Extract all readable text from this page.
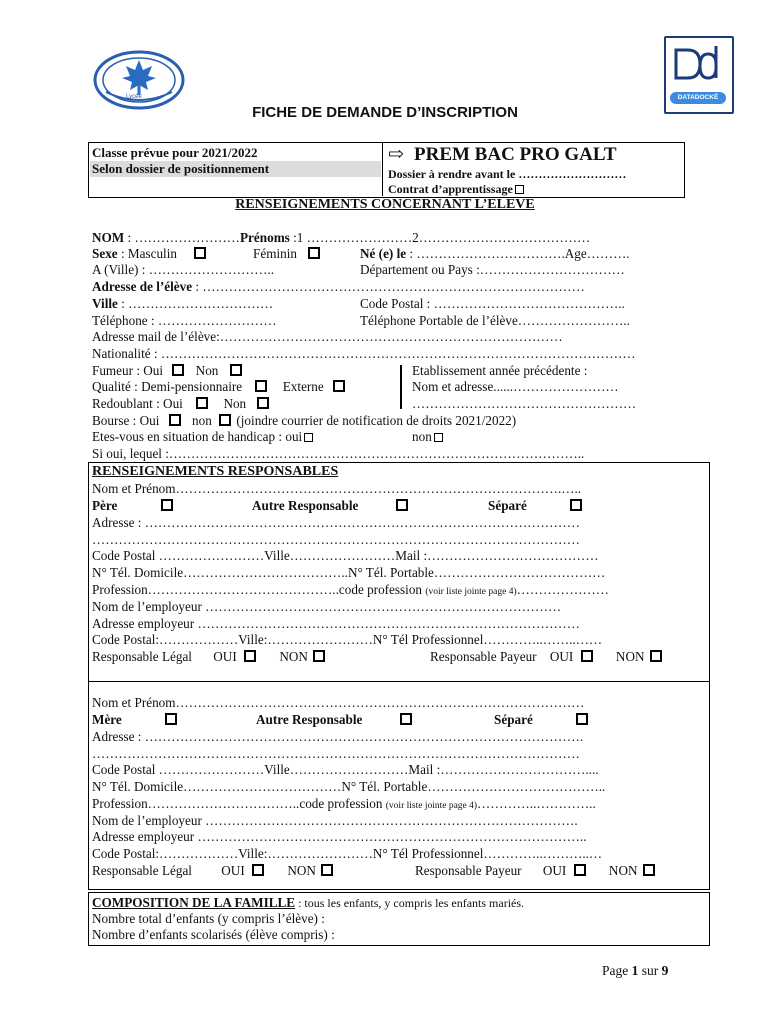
Lycée	DATADOCKÉ
FICHE DE DEMANDE D’INSCRIPTION
Classe prévue pour 2021/2022
Selon dossier de positionnement
⇨ PREM BAC PRO GALT
Dossier à rendre avant le ………………………
Contrat d’apprentissage
RENSEIGNEMENTS CONCERNANT L’ELEVE
NOM : ……………………Prénoms :1 ……………………2…………………………………
Sexe : Masculin	Féminin	Né (e) le : …………………………….Age……….
A (Ville) : ………………………..	Département ou Pays :……………………………
Adresse de l’élève : ……………………………………………………………………………
Ville : ……………………………	Code Postal : ……………………………………..
Téléphone : ………………………	Téléphone Portable de l’élève……………………..
Adresse mail de l’élève:……………………………………………………………………
Nationalité : ………………………………………………………………………………………………
Fumeur : Oui Non	Etablissement année précédente :
Qualité : Demi-pensionnaire	Externe	Nom et adresse......……………………
Redoublant : Oui	Non	……………………………………………
Bourse : Oui non (joindre courrier de notification de droits 2021/2022)
Etes-vous en situation de handicap : oui	non
Si oui, lequel :…………………………………………………………………………………..
RENSEIGNEMENTS RESPONSABLES
Nom et Prénom…………………………………………………………………………….…..
Père	Autre Responsable	Séparé
Adresse : ………………………………………………………………………………………
…………………………………………………………………………………………………
Code Postal ……………………Ville……………………Mail :…………………………………
N° Tél. Domicile………………………………..N° Tél. Portable…………………………………
Profession……………………………………..code profession (voir liste jointe page 4)…………………
Nom de l’employeur ………………………………………………………………………
Adresse employeur ……………………………………………………………………………
Code Postal:………………Ville:……………………N° Tél Professionnel…………..……..……
Responsable Légal OUI	NON	Responsable Payeur OUI	NON
Nom et Prénom…………………………………………………………………………………
Mère	Autre Responsable	Séparé
Adresse : ……………………………………………………………………………………….
…………………………………………………………………………………………………
Code Postal ……………………Ville………………………Mail :……………………………....
N° Tél. Domicile………………………………N° Tél. Portable…………………………………..
Profession……………………………..code profession (voir liste jointe page 4)…………..…………..
Nom de l’employeur ………………………………………………………………………….
Adresse employeur ……………………………………………………………………………..
Code Postal:………………Ville:……………………N° Tél Professionnel…………..………..…
Responsable Légal OUI	NON	Responsable Payeur OUI	NON
COMPOSITION DE LA FAMILLE : tous les enfants, y compris les enfants mariés.
Nombre total d’enfants (y compris l’élève) :
Nombre d’enfants scolarisés (élève compris) :
Page 1 sur 9
